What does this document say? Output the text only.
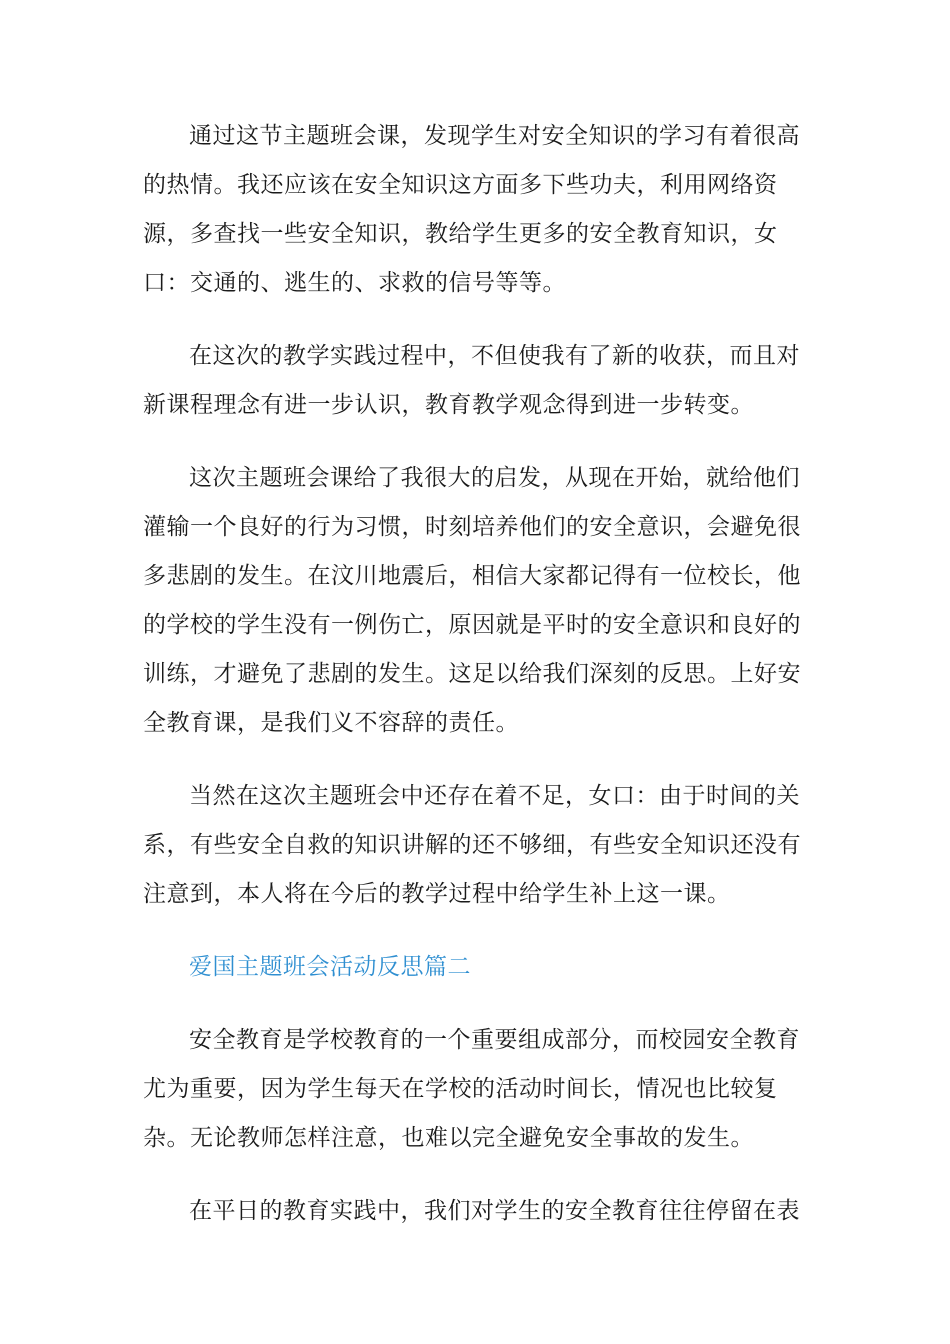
通过这节主题班会课，发现学生对安全知识的学习有着很高的热情。我还应该在安全知识这方面多下些功夫，利用网络资源，多查找一些安全知识，教给学生更多的安全教育知识，女口：交通的、逃生的、求救的信号等等。

在这次的教学实践过程中，不但使我有了新的收获，而且对新课程理念有进一步认识，教育教学观念得到进一步转变。

这次主题班会课给了我很大的启发，从现在开始，就给他们灌输一个良好的行为习惯，时刻培养他们的安全意识，会避免很多悲剧的发生。在汶川地震后，相信大家都记得有一位校长，他的学校的学生没有一例伤亡，原因就是平时的安全意识和良好的训练，才避免了悲剧的发生。这足以给我们深刻的反思。上好安全教育课，是我们义不容辞的责任。

当然在这次主题班会中还存在着不足，女口：由于时间的关系，有些安全自救的知识讲解的还不够细，有些安全知识还没有注意到，本人将在今后的教学过程中给学生补上这一课。

爱国主题班会活动反思篇二

安全教育是学校教育的一个重要组成部分，而校园安全教育尤为重要，因为学生每天在学校的活动时间长，情况也比较复杂。无论教师怎样注意，也难以完全避免安全事故的发生。

在平日的教育实践中，我们对学生的安全教育往往停留在表
